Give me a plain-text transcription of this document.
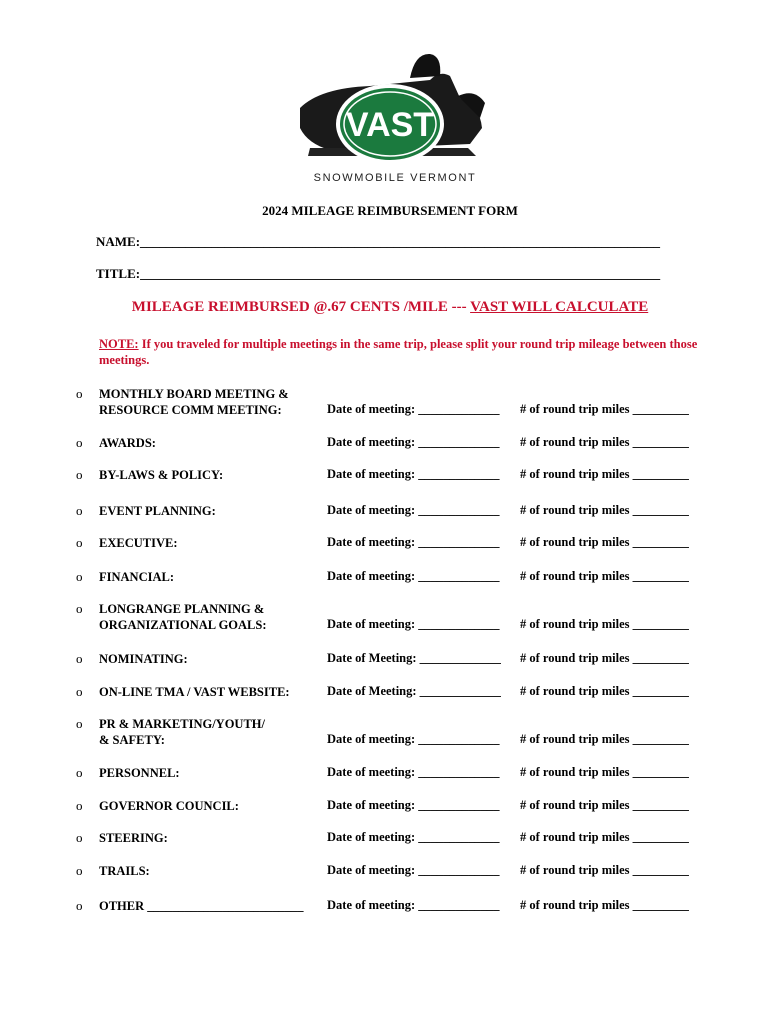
VAST
SNOWMOBILE VERMONT
2024 MILEAGE REIMBURSEMENT FORM
NAME:________________________________________________________________________________
TITLE:________________________________________________________________________________
MILEAGE REIMBURSED @.67 CENTS /MILE --- VAST WILL CALCULATE
NOTE: If you traveled for multiple meetings in the same trip, please split your round trip mileage between those meetings.
o MONTHLY BOARD MEETING &
RESOURCE COMM MEETING:	Date of meeting: _____________ # of round trip miles _________
o AWARDS:	Date of meeting: _____________ # of round trip miles _________
o BY-LAWS & POLICY:	Date of meeting: _____________ # of round trip miles _________
o EVENT PLANNING:	Date of meeting: _____________ # of round trip miles _________
o EXECUTIVE:	Date of meeting: _____________ # of round trip miles _________
o FINANCIAL:	Date of meeting: _____________ # of round trip miles _________
o LONGRANGE PLANNING &
ORGANIZATIONAL GOALS:	Date of meeting: _____________ # of round trip miles _________
o NOMINATING:	Date of Meeting: _____________ # of round trip miles _________
o ON-LINE TMA / VAST WEBSITE:	Date of Meeting: _____________ # of round trip miles _________
o PR & MARKETING/YOUTH/
& SAFETY:	Date of meeting: _____________ # of round trip miles _________
o PERSONNEL:	Date of meeting: _____________ # of round trip miles _________
o GOVERNOR COUNCIL:	Date of meeting: _____________ # of round trip miles _________
o STEERING:	Date of meeting: _____________ # of round trip miles _________
o TRAILS:	Date of meeting: _____________ # of round trip miles _________
o OTHER _________________________ Date of meeting: _____________ # of round trip miles _________
